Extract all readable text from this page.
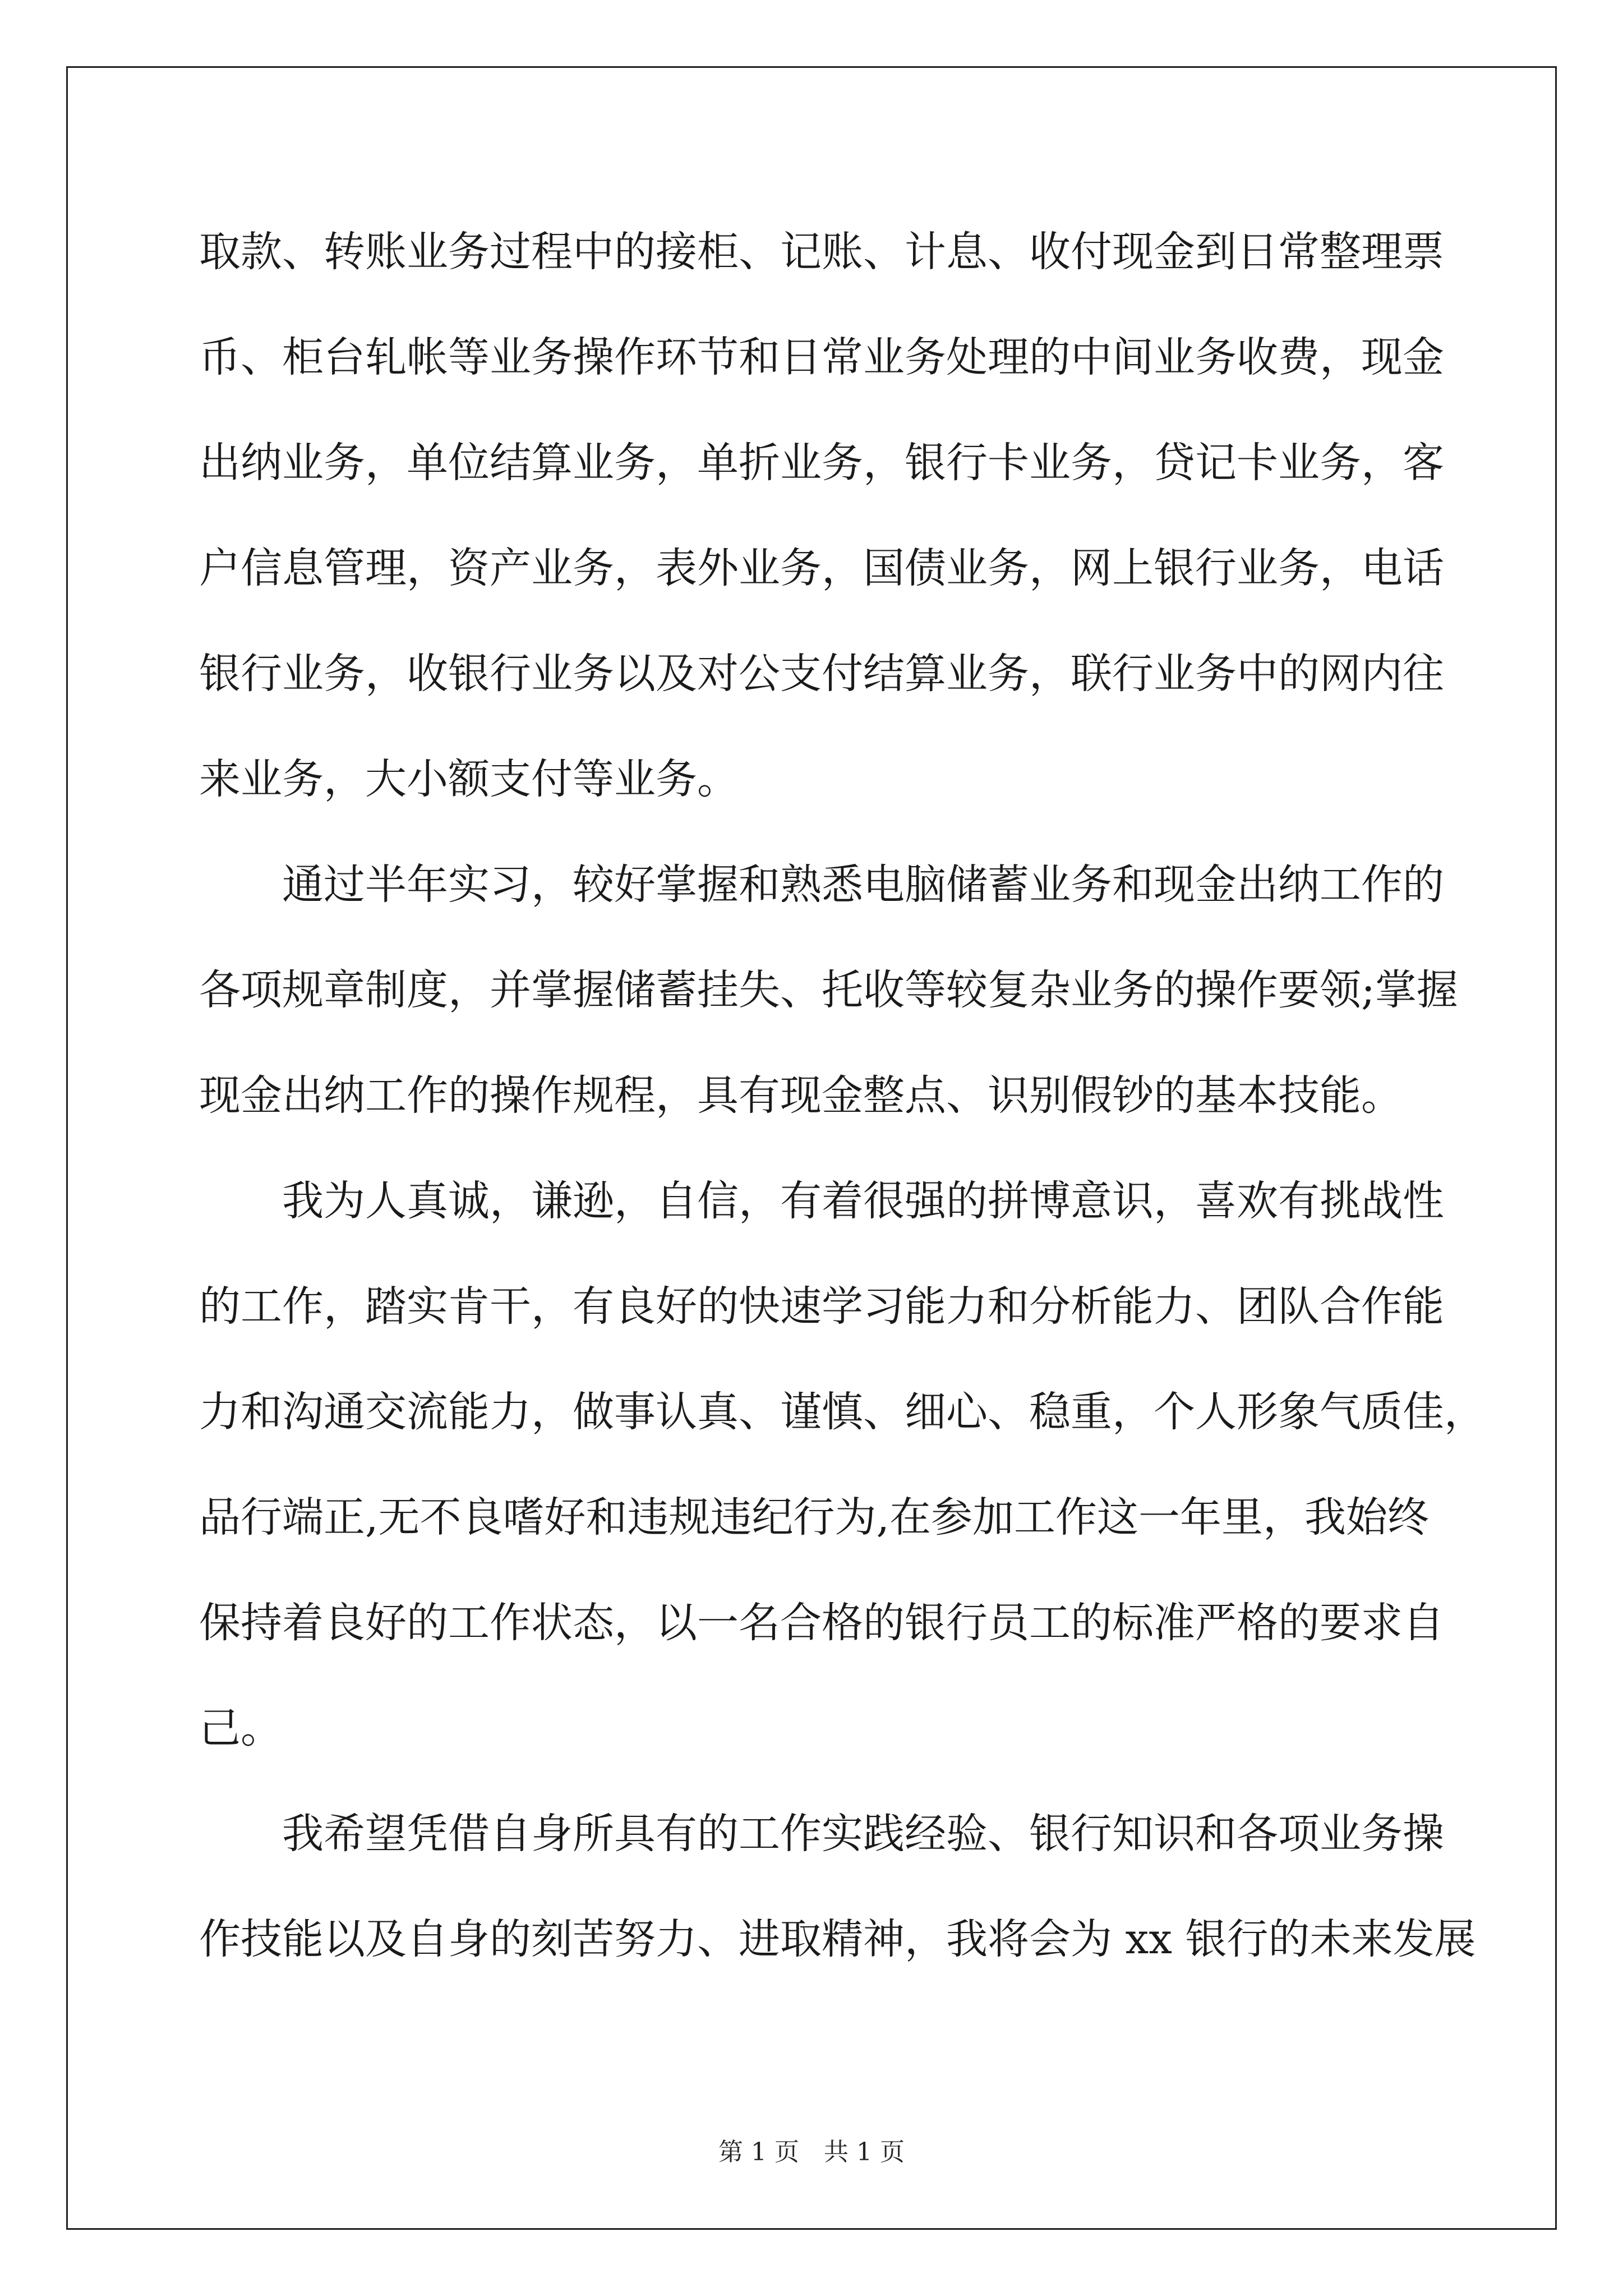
取款、转账业务过程中的接柜、记账、计息、收付现金到日常整理票
币、柜台轧帐等业务操作环节和日常业务处理的中间业务收费，现金
出纳业务，单位结算业务，单折业务，银行卡业务，贷记卡业务，客
户信息管理，资产业务，表外业务，国债业务，网上银行业务，电话
银行业务，收银行业务以及对公支付结算业务，联行业务中的网内往
来业务，大小额支付等业务。
　　通过半年实习，较好掌握和熟悉电脑储蓄业务和现金出纳工作的
各项规章制度，并掌握储蓄挂失、托收等较复杂业务的操作要领;掌握
现金出纳工作的操作规程，具有现金整点、识别假钞的基本技能。
　　我为人真诚，谦逊，自信，有着很强的拼博意识，喜欢有挑战性
的工作，踏实肯干，有良好的快速学习能力和分析能力、团队合作能
力和沟通交流能力，做事认真、谨慎、细心、稳重，个人形象气质佳，
品行端正,无不良嗜好和违规违纪行为,在参加工作这一年里，我始终
保持着良好的工作状态，以一名合格的银行员工的标准严格的要求自
己。
　　我希望凭借自身所具有的工作实践经验、银行知识和各项业务操
作技能以及自身的刻苦努力、进取精神，我将会为 xx 银行的未来发展
第 1 页　共 1 页
